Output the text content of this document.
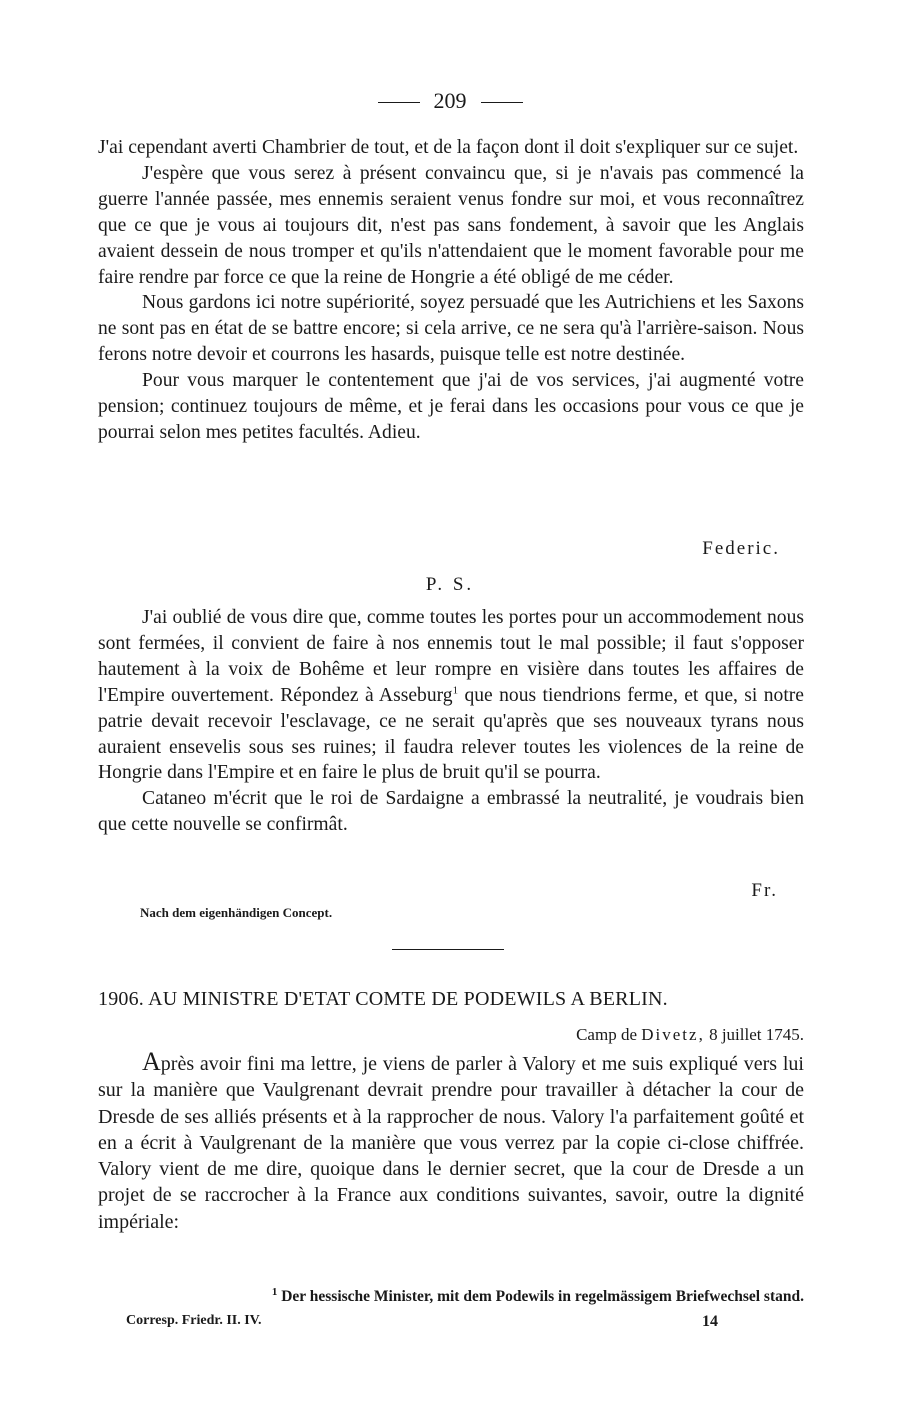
209

J'ai cependant averti Chambrier de tout, et de la façon dont il doit s'expliquer sur ce sujet.

J'espère que vous serez à présent convaincu que, si je n'avais pas commencé la guerre l'année passée, mes ennemis seraient venus fondre sur moi, et vous reconnaîtrez que ce que je vous ai toujours dit, n'est pas sans fondement, à savoir que les Anglais avaient dessein de nous tromper et qu'ils n'attendaient que le moment favorable pour me faire rendre par force ce que la reine de Hongrie a été obligé de me céder.

Nous gardons ici notre supériorité, soyez persuadé que les Autrichiens et les Saxons ne sont pas en état de se battre encore; si cela arrive, ce ne sera qu'à l'arrière-saison. Nous ferons notre devoir et courrons les hasards, puisque telle est notre destinée.

Pour vous marquer le contentement que j'ai de vos services, j'ai augmenté votre pension; continuez toujours de même, et je ferai dans les occasions pour vous ce que je pourrai selon mes petites facultés. Adieu.

Federic.
P. S.

J'ai oublié de vous dire que, comme toutes les portes pour un accommodement nous sont fermées, il convient de faire à nos ennemis tout le mal possible; il faut s'opposer hautement à la voix de Bohême et leur rompre en visière dans toutes les affaires de l'Empire ouvertement. Répondez à Asseburg$^1$ que nous tiendrions ferme, et que, si notre patrie devait recevoir l'esclavage, ce ne serait qu'après que ses nouveaux tyrans nous auraient ensevelis sous ses ruines; il faudra relever toutes les violences de la reine de Hongrie dans l'Empire et en faire le plus de bruit qu'il se pourra.

Cataneo m'écrit que le roi de Sardaigne a embrassé la neutralité, je voudrais bien que cette nouvelle se confirmât.

Fr.
Nach dem eigenhändigen Concept.
1906. AU MINISTRE D'ETAT COMTE DE PODEWILS A BERLIN.
Camp de Divetz, 8 juillet 1745.

Après avoir fini ma lettre, je viens de parler à Valory et me suis expliqué vers lui sur la manière que Vaulgrenant devrait prendre pour travailler à détacher la cour de Dresde de ses alliés présents et à la rapprocher de nous. Valory l'a parfaitement goûté et en a écrit à Vaulgrenant de la manière que vous verrez par la copie ci-close chiffrée. Valory vient de me dire, quoique dans le dernier secret, que la cour de Dresde a un projet de se raccrocher à la France aux conditions suivantes, savoir, outre la dignité impériale:

$^1$ Der hessische Minister, mit dem Podewils in regelmässigem Briefwechsel stand.
Corresp. Friedr. II. IV.	14
